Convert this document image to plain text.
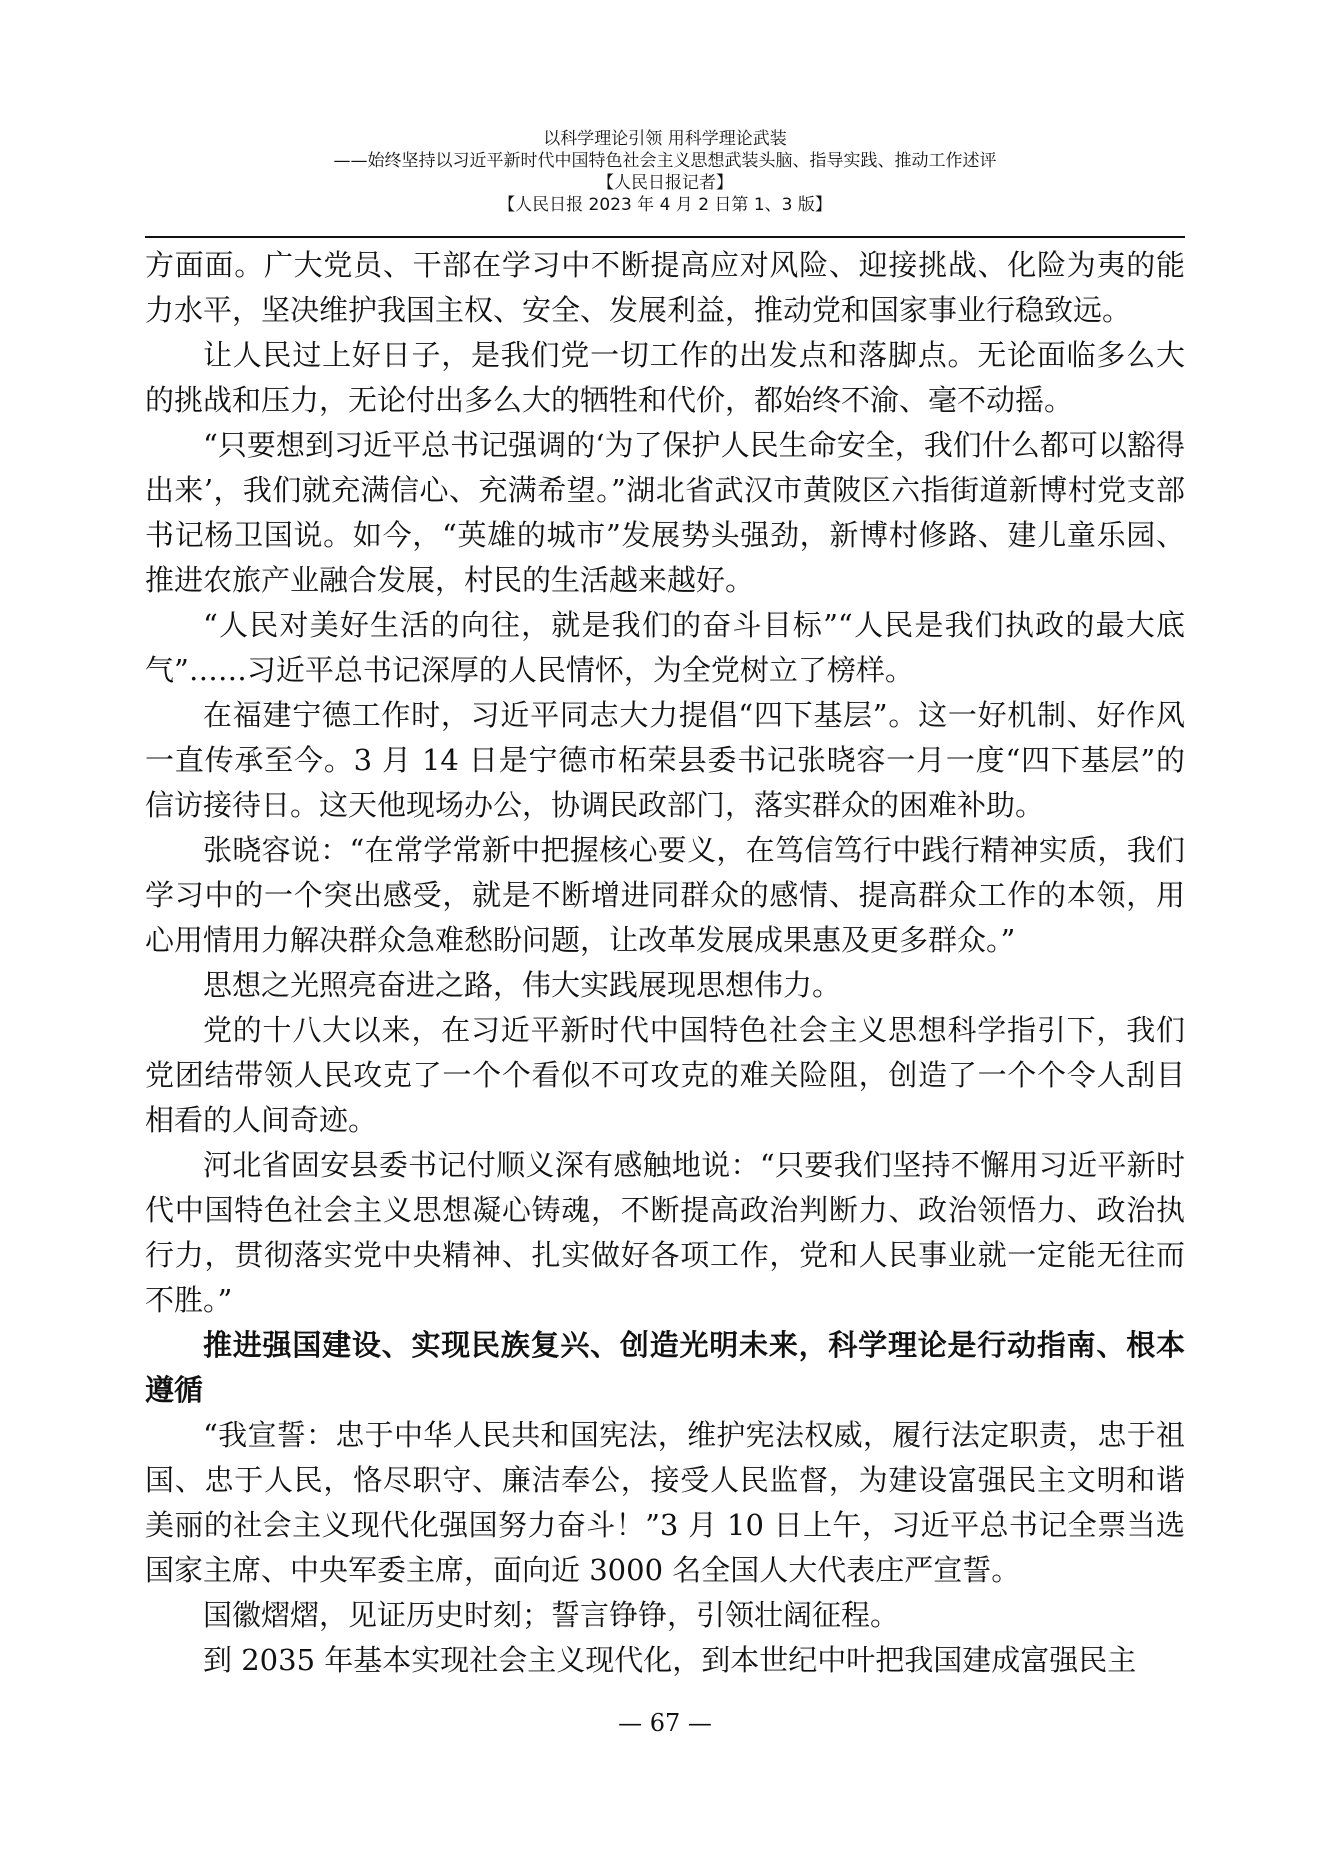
以科学理论引领 用科学理论武装
——始终坚持以习近平新时代中国特色社会主义思想武装头脑、指导实践、推动工作述评
【人民日报记者】
【人民日报 2023 年 4 月 2 日第 1、3 版】

方面面。广大党员、干部在学习中不断提高应对风险、迎接挑战、化险为夷的能力水平，坚决维护我国主权、安全、发展利益，推动党和国家事业行稳致远。

让人民过上好日子，是我们党一切工作的出发点和落脚点。无论面临多么大的挑战和压力，无论付出多么大的牺牲和代价，都始终不渝、毫不动摇。

“只要想到习近平总书记强调的‘为了保护人民生命安全，我们什么都可以豁得出来’，我们就充满信心、充满希望。”湖北省武汉市黄陂区六指街道新博村党支部书记杨卫国说。如今，“英雄的城市”发展势头强劲，新博村修路、建儿童乐园、推进农旅产业融合发展，村民的生活越来越好。

“人民对美好生活的向往，就是我们的奋斗目标”“人民是我们执政的最大底气”……习近平总书记深厚的人民情怀，为全党树立了榜样。

在福建宁德工作时，习近平同志大力提倡“四下基层”。这一好机制、好作风一直传承至今。3 月 14 日是宁德市柘荣县委书记张晓容一月一度“四下基层”的信访接待日。这天他现场办公，协调民政部门，落实群众的困难补助。

张晓容说：“在常学常新中把握核心要义，在笃信笃行中践行精神实质，我们学习中的一个突出感受，就是不断增进同群众的感情、提高群众工作的本领，用心用情用力解决群众急难愁盼问题，让改革发展成果惠及更多群众。”

思想之光照亮奋进之路，伟大实践展现思想伟力。

党的十八大以来，在习近平新时代中国特色社会主义思想科学指引下，我们党团结带领人民攻克了一个个看似不可攻克的难关险阻，创造了一个个令人刮目相看的人间奇迹。

河北省固安县委书记付顺义深有感触地说：“只要我们坚持不懈用习近平新时代中国特色社会主义思想凝心铸魂，不断提高政治判断力、政治领悟力、政治执行力，贯彻落实党中央精神、扎实做好各项工作，党和人民事业就一定能无往而不胜。”

推进强国建设、实现民族复兴、创造光明未来，科学理论是行动指南、根本遵循

“我宣誓：忠于中华人民共和国宪法，维护宪法权威，履行法定职责，忠于祖国、忠于人民，恪尽职守、廉洁奉公，接受人民监督，为建设富强民主文明和谐美丽的社会主义现代化强国努力奋斗！”3 月 10 日上午，习近平总书记全票当选国家主席、中央军委主席，面向近 3000 名全国人大代表庄严宣誓。

国徽熠熠，见证历史时刻；誓言铮铮，引领壮阔征程。

到 2035 年基本实现社会主义现代化，到本世纪中叶把我国建成富强民主

— 67 —
